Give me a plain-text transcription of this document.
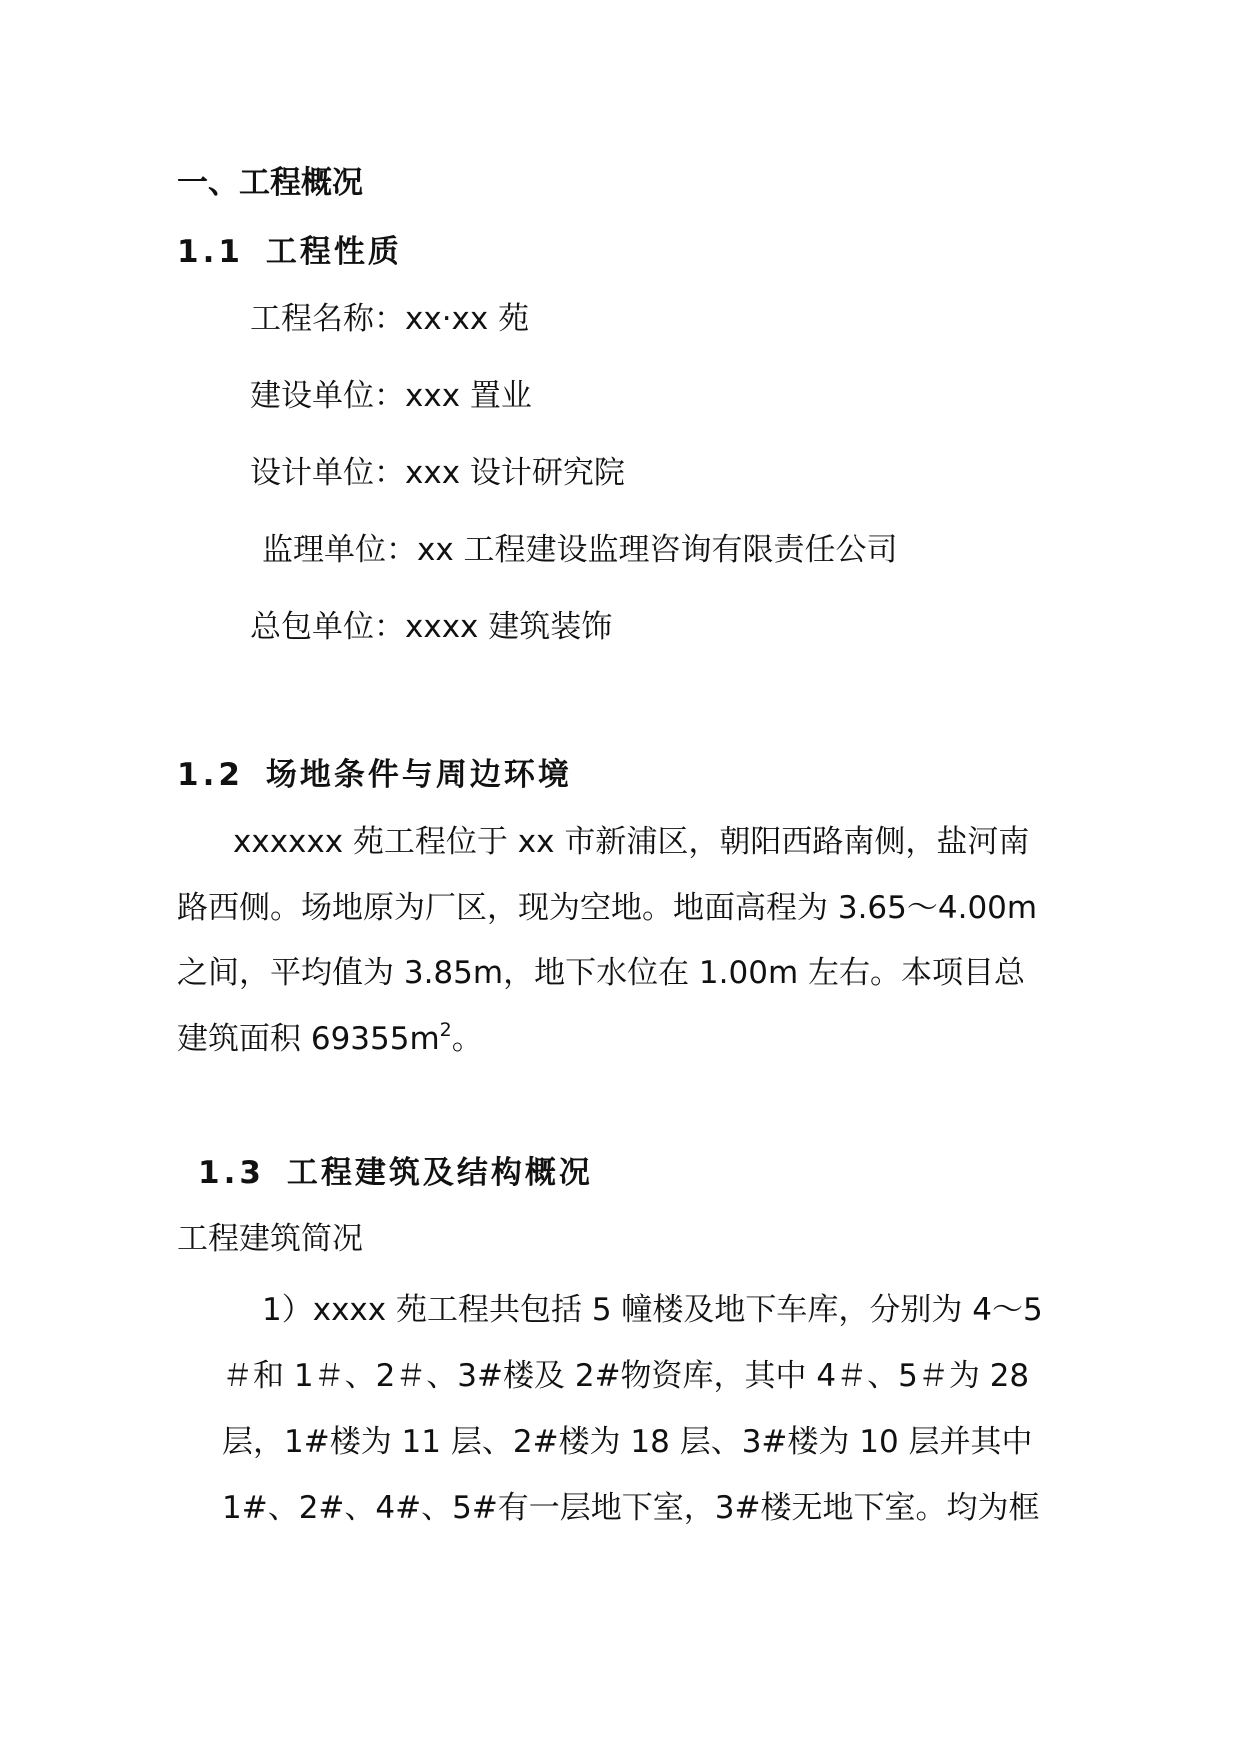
一、工程概况
1.1 工程性质
工程名称：xx·xx 苑
建设单位：xxx 置业
设计单位：xxx 设计研究院
监理单位：xx 工程建设监理咨询有限责任公司
总包单位：xxxx 建筑装饰
1.2 场地条件与周边环境
xxxxxx 苑工程位于 xx 市新浦区，朝阳西路南侧，盐河南
路西侧。场地原为厂区，现为空地。地面高程为 3.65～4.00m
之间，平均值为 3.85m，地下水位在 1.00m 左右。本项目总
建筑面积 $69355m^2$。
1.3 工程建筑及结构概况
工程建筑简况
1）xxxx 苑工程共包括 5 幢楼及地下车库，分别为 4～5
＃和 1＃、2＃、3#楼及 2#物资库，其中 4＃、5＃为 28
层，1#楼为 11 层、2#楼为 18 层、3#楼为 10 层并其中
1#、2#、4#、5#有一层地下室，3#楼无地下室。均为框
